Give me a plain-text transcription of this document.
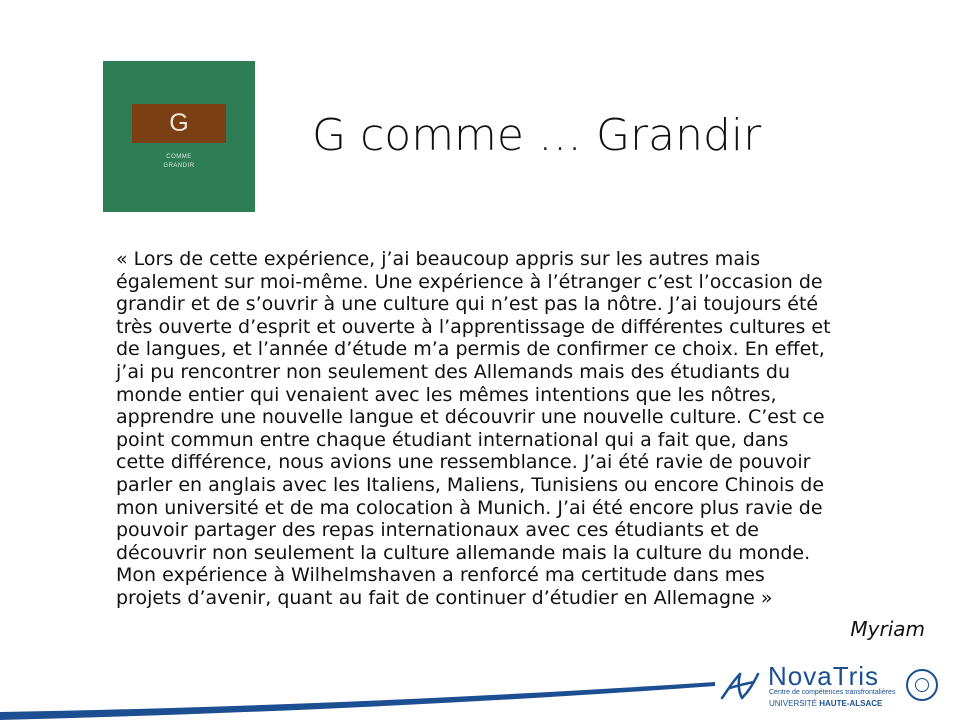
G
COMME
GRANDIR
G comme … Grandir
« Lors de cette expérience, j’ai beaucoup appris sur les autres mais
également sur moi-même. Une expérience à l’étranger c’est l’occasion de
grandir et de s’ouvrir à une culture qui n’est pas la nôtre. J’ai toujours été
très ouverte d’esprit et ouverte à l’apprentissage de différentes cultures et
de langues, et l’année d’étude m’a permis de confirmer ce choix. En effet,
j’ai pu rencontrer non seulement des Allemands mais des étudiants du
monde entier qui venaient avec les mêmes intentions que les nôtres,
apprendre une nouvelle langue et découvrir une nouvelle culture. C’est ce
point commun entre chaque étudiant international qui a fait que, dans
cette différence, nous avions une ressemblance. J’ai été ravie de pouvoir
parler en anglais avec les Italiens, Maliens, Tunisiens ou encore Chinois de
mon université et de ma colocation à Munich. J’ai été encore plus ravie de
pouvoir partager des repas internationaux avec ces étudiants et de
découvrir non seulement la culture allemande mais la culture du monde.
Mon expérience à Wilhelmshaven a renforcé ma certitude dans mes
projets d’avenir, quant au fait de continuer d’étudier en Allemagne »
Myriam
NovaTris
Centre de compétences transfrontalières
UNIVERSITÉ HAUTE-ALSACE
